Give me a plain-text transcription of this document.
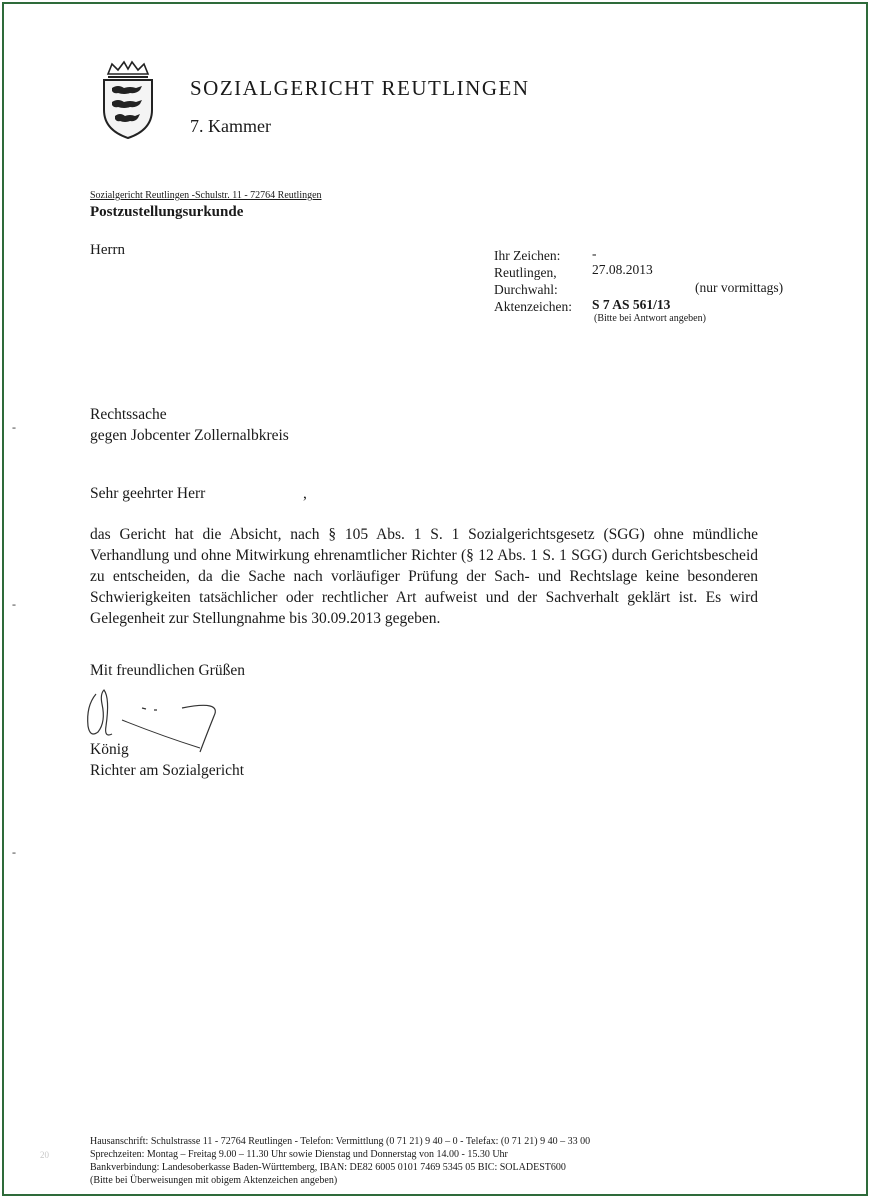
SOZIALGERICHT REUTLINGEN
7. Kammer
Sozialgericht Reutlingen -Schulstr. 11 - 72764 Reutlingen
Postzustellungsurkunde
Herrn	Ihr Zeichen: -
Reutlingen,	27.08.2013
Durchwahl:	(nur vormittags)
Aktenzeichen: S 7 AS 561/13
(Bitte bei Antwort angeben)
-
-
-
Rechtssache
gegen Jobcenter Zollernalbkreis
Sehr geehrter Herr	,

das Gericht hat die Absicht, nach § 105 Abs. 1 S. 1 Sozialgerichtsgesetz (SGG) ohne mündliche Verhandlung und ohne Mitwirkung ehrenamtlicher Richter (§ 12 Abs. 1 S. 1 SGG) durch Gerichtsbescheid zu entscheiden, da die Sache nach vorläufiger Prüfung der Sach- und Rechtslage keine besonderen Schwierigkeiten tatsächlicher oder rechtlicher Art aufweist und der Sachverhalt geklärt ist. Es wird Gelegenheit zur Stellungnahme bis 30.09.2013 gegeben.

Mit freundlichen Grüßen
König
Richter am Sozialgericht
Hausanschrift: Schulstrasse 11 - 72764 Reutlingen - Telefon: Vermittlung (0 71 21) 9 40 – 0 - Telefax: (0 71 21) 9 40 – 33 00
Sprechzeiten: Montag – Freitag 9.00 – 11.30 Uhr sowie Dienstag und Donnerstag von 14.00 - 15.30 Uhr
Bankverbindung: Landesoberkasse Baden-Württemberg, IBAN: DE82 6005 0101 7469 5345 05 BIC: SOLADEST600
(Bitte bei Überweisungen mit obigem Aktenzeichen angeben)
20
